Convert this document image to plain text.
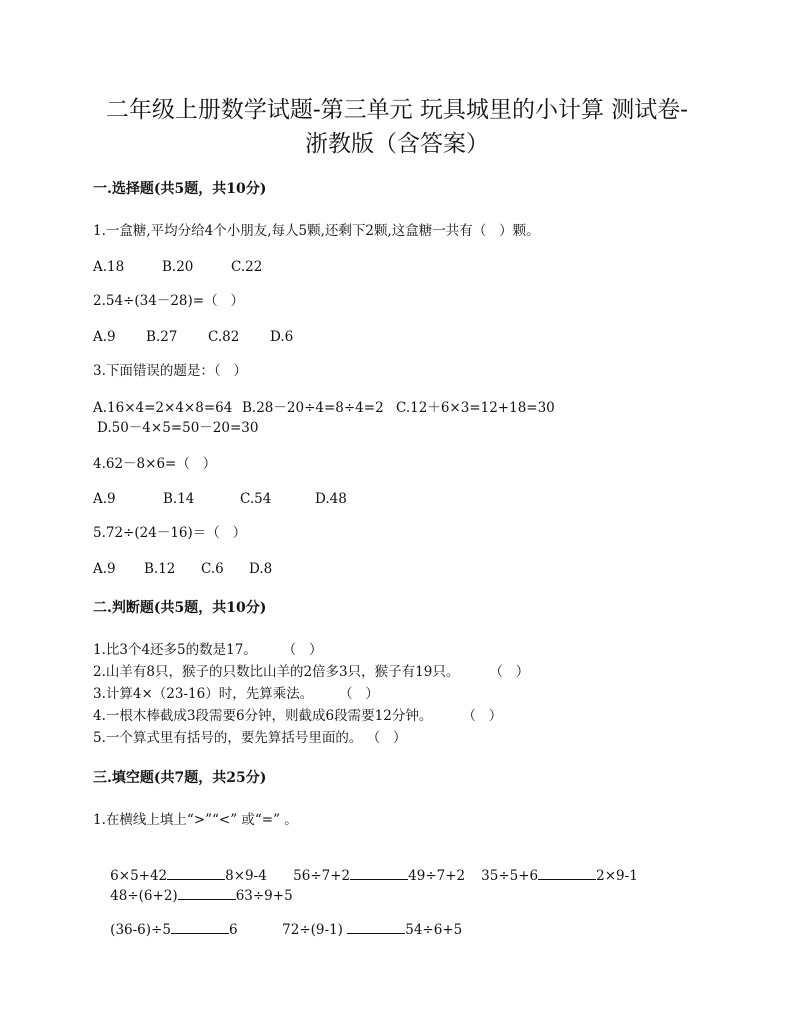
二年级上册数学试题-第三单元 玩具城里的小计算 测试卷-
浙教版（含答案）
一.选择题(共5题，共10分)
1.一盒糖,平均分给4个小朋友,每人5颗,还剩下2颗,这盒糖一共有（   ）颗。
A.18	B.20	C.22
2.54÷(34－28)=（   ）
A.9 B.27 C.82 D.6
3.下面错误的题是：（   ）
A.16×4=2×4×8=64 B.28－20÷4=8÷4=2 C.12＋6×3=12+18=30
D.50－4×5=50－20=30
4.62－8×6=（   ）
A.9	B.14	C.54	D.48
5.72÷(24－16)＝（   ）
A.9 B.12 C.6 D.8
二.判断题(共5题，共10分)
1.比3个4还多5的数是17。      （   ）
2.山羊有8只，猴子的只数比山羊的2倍多3只，猴子有19只。       （   ）
3.计算4×（23-16）时，先算乘法。      （   ）
4.一根木棒截成3段需要6分钟，则截成6段需要12分钟。       （   ）
5.一个算式里有括号的，要先算括号里面的。 （   ）
三.填空题(共7题，共25分)
1.在横线上填上“>”“<” 或“=” 。

6×5+42	8×9-4
	56÷7+2	49÷7+2
	35÷5+6	2×9-1

48÷(6+2)	63÷9+5

(36-6)÷5	6
	72÷(9-1)	54÷6+5
